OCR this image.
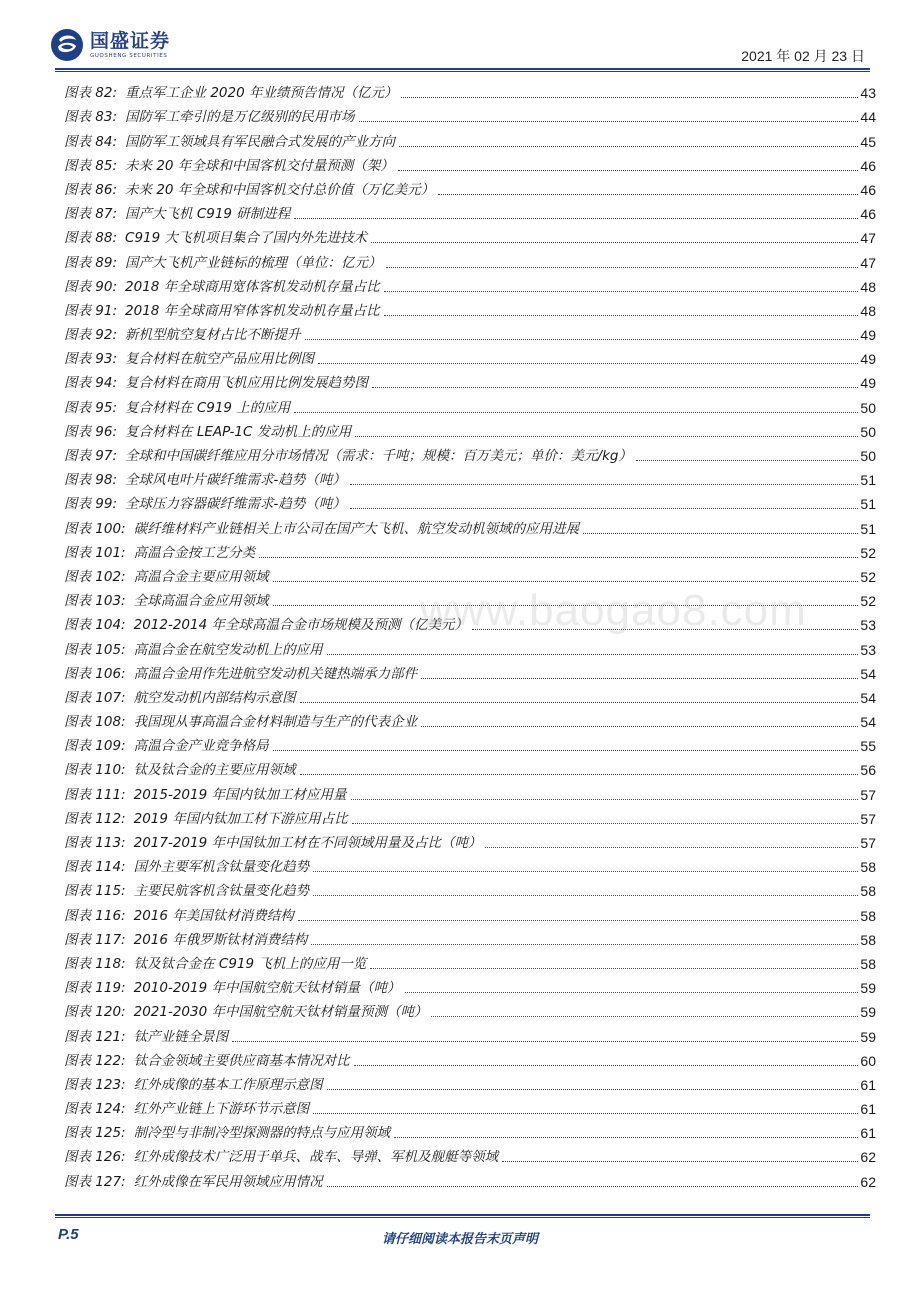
国盛证券
GUOSHENG SECURITIES	2021 年 02 月 23 日
图表 82: 重点军工企业 2020 年业绩预告情况（亿元）	43
图表 83: 国防军工牵引的是万亿级别的民用市场	44
图表 84: 国防军工领域具有军民融合式发展的产业方向	45
图表 85: 未来 20 年全球和中国客机交付量预测（架）	46
图表 86: 未来 20 年全球和中国客机交付总价值（万亿美元）	46
图表 87: 国产大飞机 C919 研制进程	46
图表 88: C919 大飞机项目集合了国内外先进技术	47
图表 89: 国产大飞机产业链标的梳理（单位：亿元）	47
图表 90: 2018 年全球商用宽体客机发动机存量占比	48
图表 91: 2018 年全球商用窄体客机发动机存量占比	48
图表 92: 新机型航空复材占比不断提升	49
图表 93: 复合材料在航空产品应用比例图	49
图表 94: 复合材料在商用飞机应用比例发展趋势图	49
图表 95: 复合材料在 C919 上的应用	50
图表 96: 复合材料在 LEAP-1C 发动机上的应用	50
图表 97: 全球和中国碳纤维应用分市场情况（需求：千吨；规模：百万美元；单价：美元/kg）	50
图表 98: 全球风电叶片碳纤维需求-趋势（吨）	51
图表 99: 全球压力容器碳纤维需求-趋势（吨）	51
图表 100: 碳纤维材料产业链相关上市公司在国产大飞机、航空发动机领域的应用进展	51
图表 101: 高温合金按工艺分类	52
图表 102: 高温合金主要应用领域	52
图表 103: 全球高温合金应用领域	52
图表 104: 2012-2014 年全球高温合金市场规模及预测（亿美元）	53
图表 105: 高温合金在航空发动机上的应用	53
图表 106: 高温合金用作先进航空发动机关键热端承力部件	54
图表 107: 航空发动机内部结构示意图	54
图表 108: 我国现从事高温合金材料制造与生产的代表企业	54
图表 109: 高温合金产业竞争格局	55
图表 110: 钛及钛合金的主要应用领域	56
图表 111: 2015-2019 年国内钛加工材应用量	57
图表 112: 2019 年国内钛加工材下游应用占比	57
图表 113: 2017-2019 年中国钛加工材在不同领域用量及占比（吨）	57
图表 114: 国外主要军机含钛量变化趋势	58
图表 115: 主要民航客机含钛量变化趋势	58
图表 116: 2016 年美国钛材消费结构	58
图表 117: 2016 年俄罗斯钛材消费结构	58
图表 118: 钛及钛合金在 C919 飞机上的应用一览	58
图表 119: 2010-2019 年中国航空航天钛材销量（吨）	59
图表 120: 2021-2030 年中国航空航天钛材销量预测（吨）	59
图表 121: 钛产业链全景图	59
图表 122: 钛合金领域主要供应商基本情况对比	60
图表 123: 红外成像的基本工作原理示意图	61
图表 124: 红外产业链上下游环节示意图	61
图表 125: 制冷型与非制冷型探测器的特点与应用领域	61
图表 126: 红外成像技术广泛用于单兵、战车、导弹、军机及舰艇等领域	62
图表 127: 红外成像在军民用领域应用情况	62
www.baogao8.com
P.5	请仔细阅读本报告末页声明
